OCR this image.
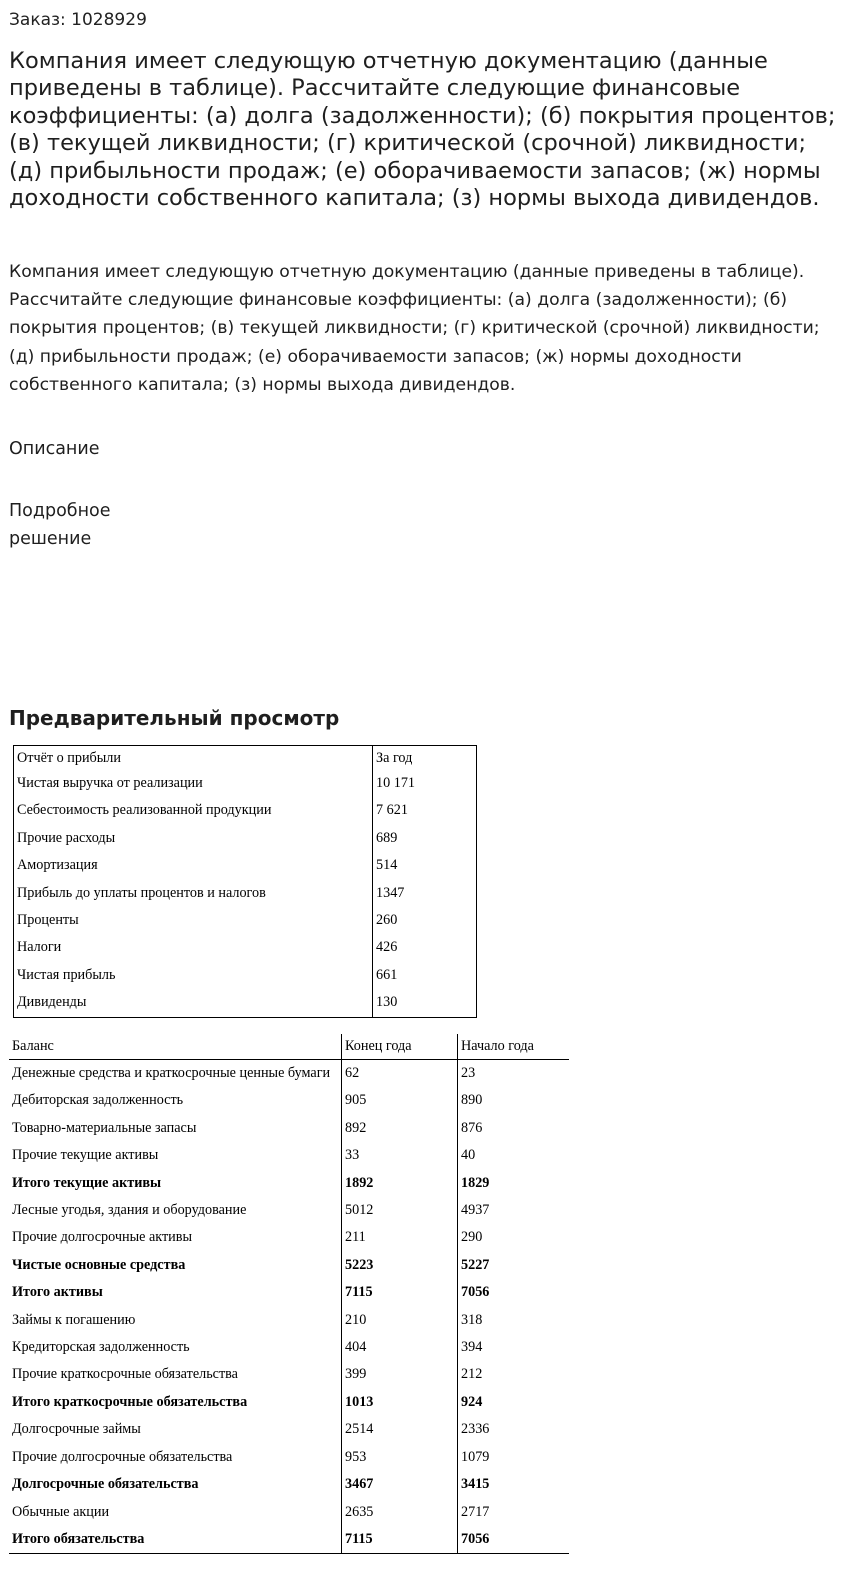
Заказ: 1028929
Компания имеет следующую отчетную документацию (данные приведены в таблице). Рассчитайте следующие финансовые коэффициенты: (а) долга (задолженности); (б) покрытия процентов; (в) текущей ликвидности; (г) критической (срочной) ликвидности; (д) прибыльности продаж; (е) оборачиваемости запасов; (ж) нормы доходности собственного капитала; (з) нормы выхода дивидендов.

Компания имеет следующую отчетную документацию (данные приведены в таблице). Рассчитайте следующие финансовые коэффициенты: (а) долга (задолженности); (б) покрытия процентов; (в) текущей ликвидности; (г) критической (срочной) ликвидности; (д) прибыльности продаж; (е) оборачиваемости запасов; (ж) нормы доходности собственного капитала; (з) нормы выхода дивидендов.

Описание
Подробное
решение
Предварительный просмотр
Отчёт о прибыли	За год
Чистая выручка от реализации	10 171
Себестоимость реализованной продукции	7 621
Прочие расходы	689
Амортизация	514
Прибыль до уплаты процентов и налогов	1347
Проценты	260
Налоги	426
Чистая прибыль	661
Дивиденды	130
Баланс	Конец года	Начало года
Денежные средства и краткосрочные ценные бумаги	62	23
Дебиторская задолженность	905	890
Товарно-материальные запасы	892	876
Прочие текущие активы	33	40
Итого текущие активы	1892	1829
Лесные угодья, здания и оборудование	5012	4937
Прочие долгосрочные активы	211	290
Чистые основные средства	5223	5227
Итого активы	7115	7056
Займы к погашению	210	318
Кредиторская задолженность	404	394
Прочие краткосрочные обязательства	399	212
Итого краткосрочные обязательства	1013	924
Долгосрочные займы	2514	2336
Прочие долгосрочные обязательства	953	1079
Долгосрочные обязательства	3467	3415
Обычные акции	2635	2717
Итого обязательства	7115	7056
